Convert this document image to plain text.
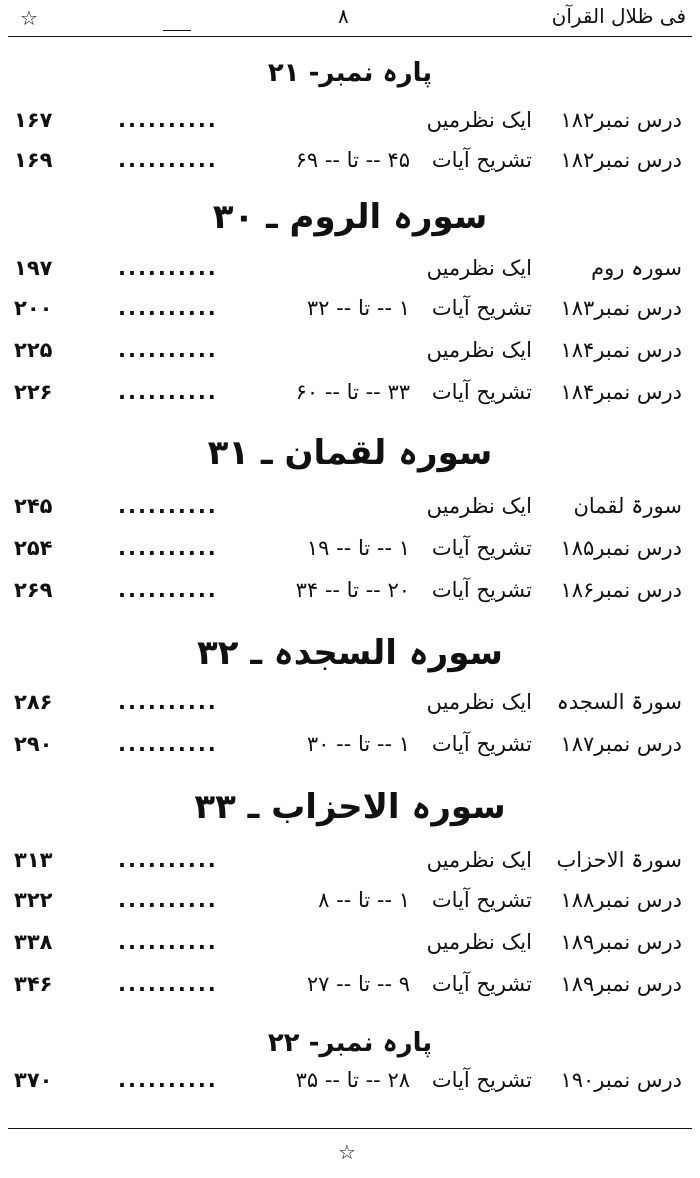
☆	٨	فی ظلال القرآن
پارہ نمبر- ۲۱
درس نمبر۱۸۲
ایک نظرمیں
..........
۱۶۷
درس نمبر۱۸۲
تشریح آیات
۴۵ -- تا -- ۶۹
..........
۱۶۹
سورہ الروم ـ ۳۰
سورہ روم
ایک نظرمیں
..........
۱۹۷
درس نمبر۱۸۳
تشریح آیات
۱ -- تا -- ۳۲
..........
۲۰۰
درس نمبر۱۸۴
ایک نظرمیں
..........
۲۲۵
درس نمبر۱۸۴
تشریح آیات
۳۳ -- تا -- ۶۰
..........
۲۲۶
سورہ لقمان ـ ۳۱
سورۃ لقمان
ایک نظرمیں
..........
۲۴۵
درس نمبر۱۸۵
تشریح آیات
۱ -- تا -- ۱۹
..........
۲۵۴
درس نمبر۱۸۶
تشریح آیات
۲۰ -- تا -- ۳۴
..........
۲۶۹
سورہ السجدہ ـ ۳۲
سورۃ السجدہ
ایک نظرمیں
..........
۲۸۶
درس نمبر۱۸۷
تشریح آیات
۱ -- تا -- ۳۰
..........
۲۹۰
سورہ الاحزاب ـ ۳۳
سورۃ الاحزاب
ایک نظرمیں
..........
۳۱۳
درس نمبر۱۸۸
تشریح آیات
۱ -- تا -- ۸
..........
۳۲۲
درس نمبر۱۸۹
ایک نظرمیں
..........
۳۳۸
درس نمبر۱۸۹
تشریح آیات
۹ -- تا -- ۲۷
..........
۳۴۶
پارہ نمبر- ۲۲
درس نمبر۱۹۰
تشریح آیات
۲۸ -- تا -- ۳۵
..........
۳۷۰
☆
